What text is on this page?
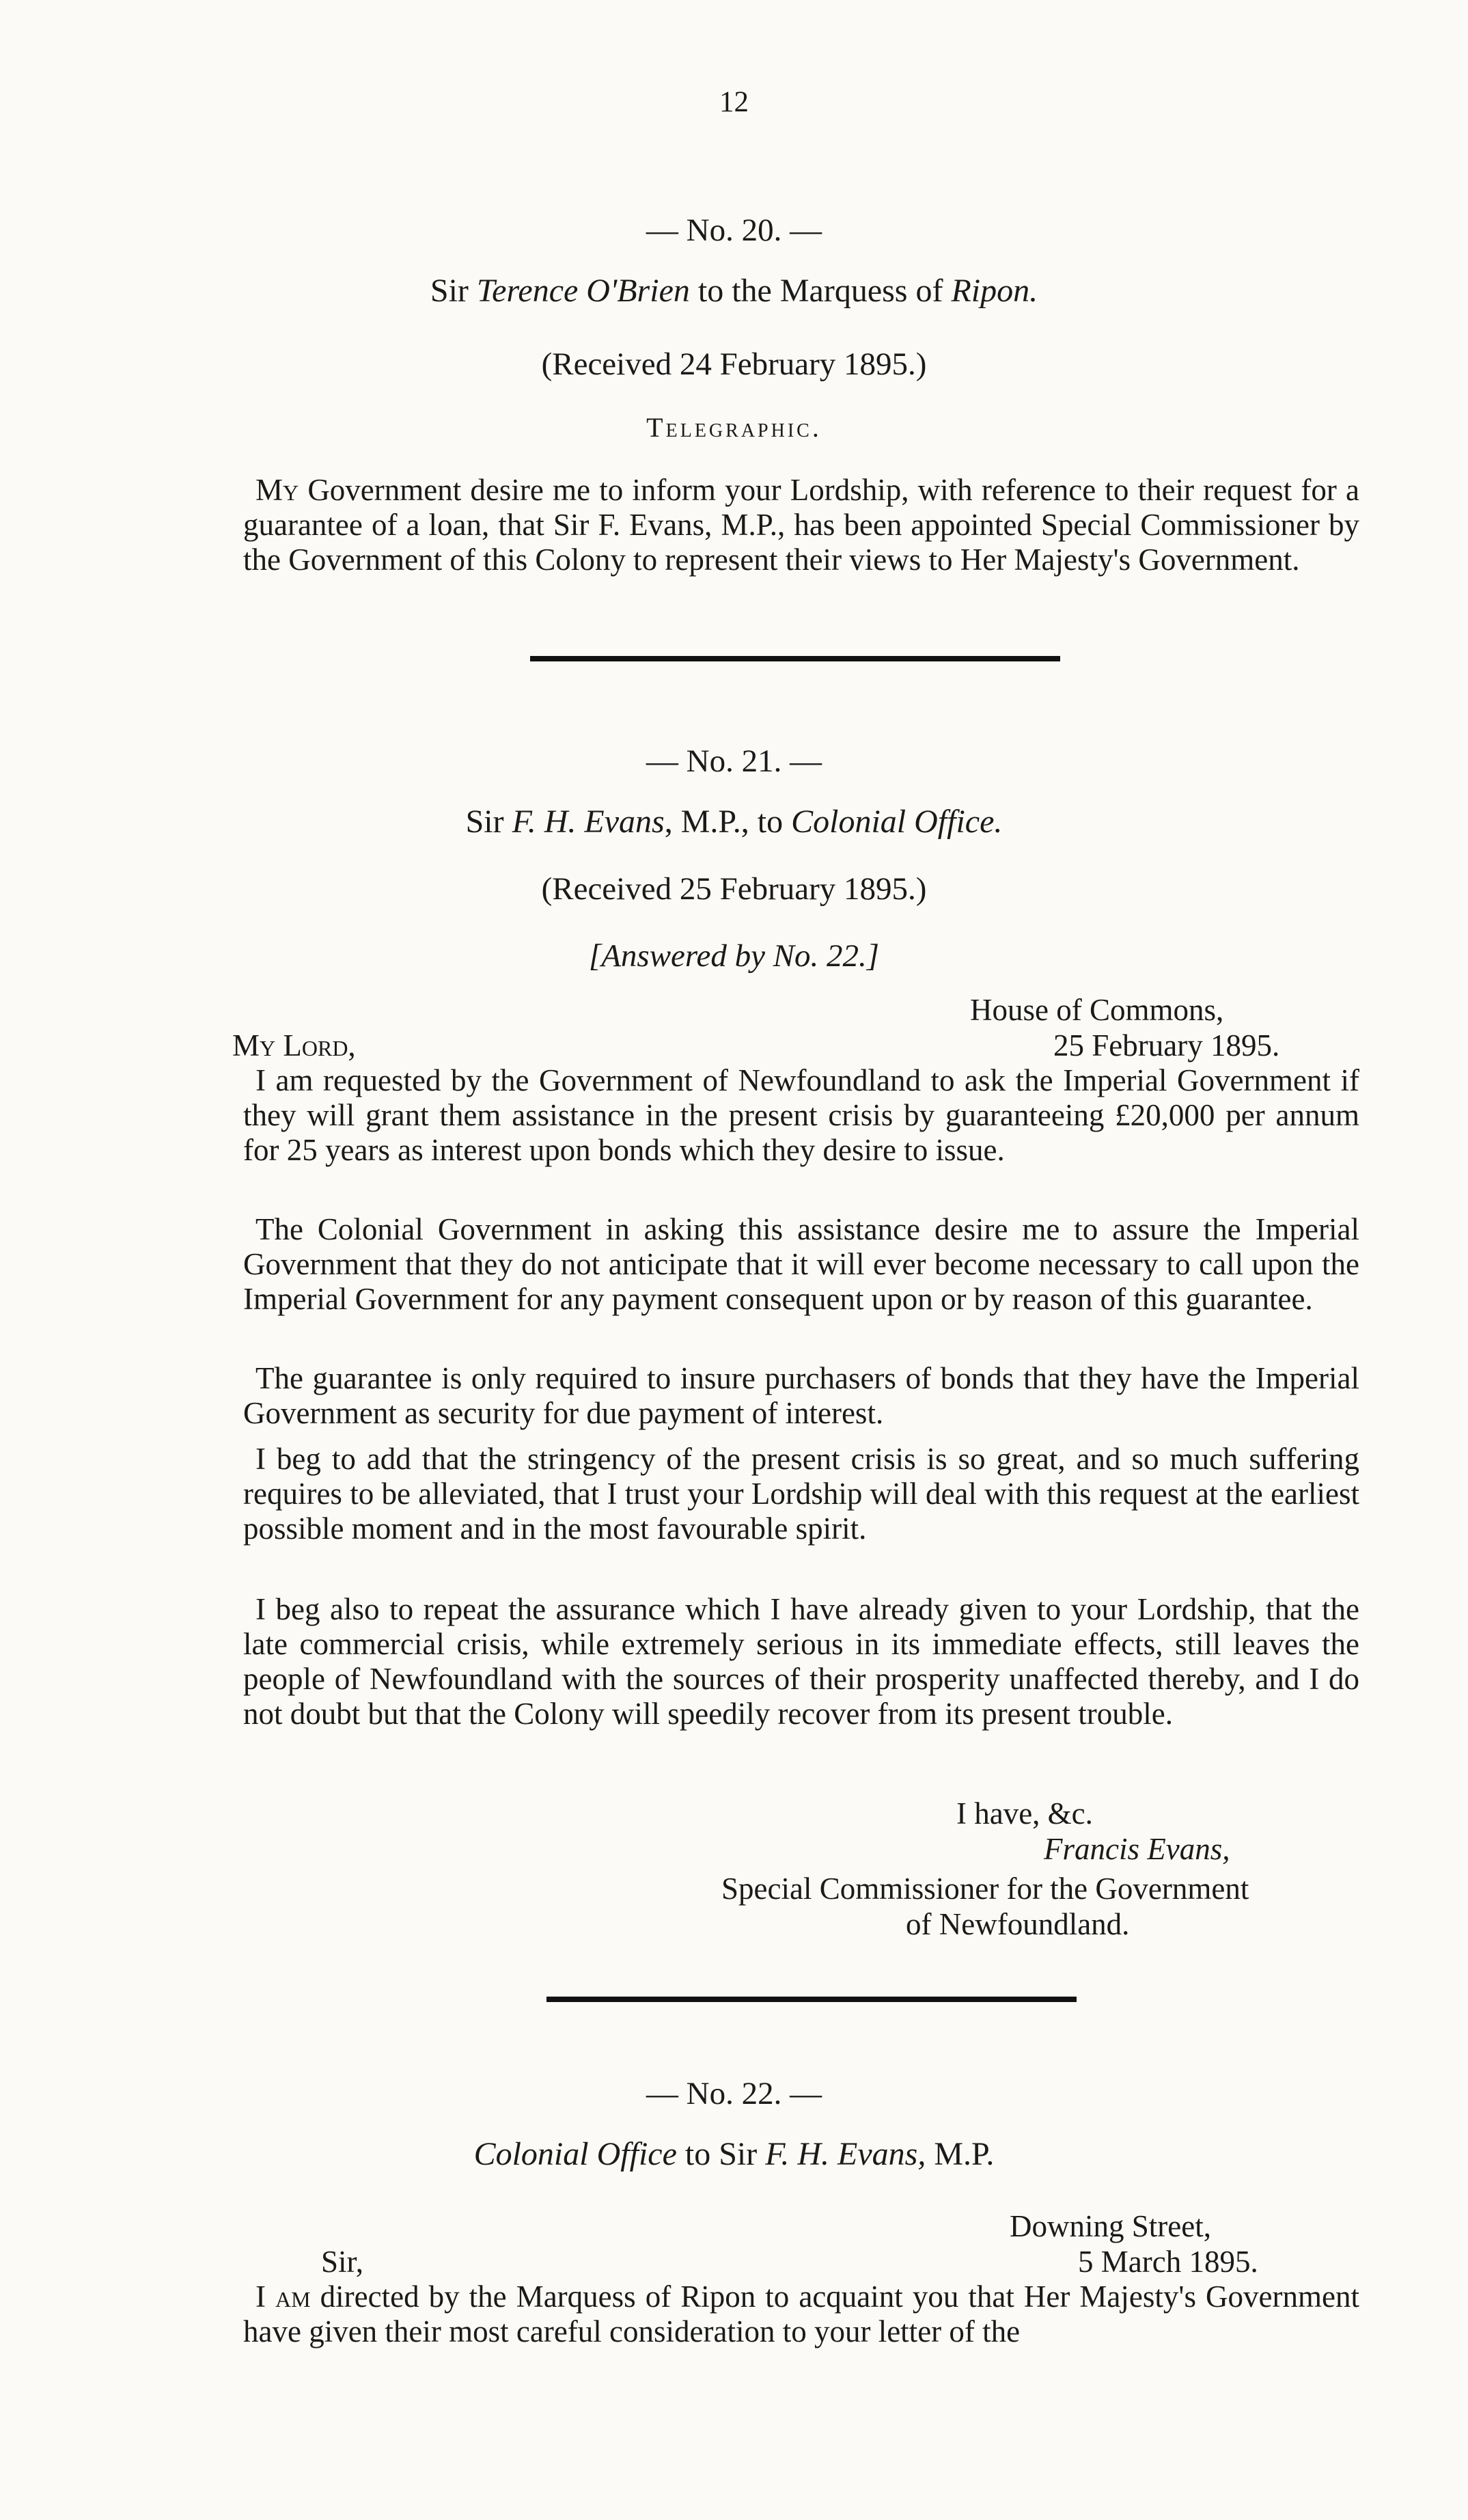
12
— No. 20. —
Sir Terence O'Brien to the Marquess of Ripon.
(Received 24 February 1895.)
Telegraphic.
My Government desire me to inform your Lordship, with reference to their request for a guarantee of a loan, that Sir F. Evans, M.P., has been appointed Special Commissioner by the Government of this Colony to represent their views to Her Majesty's Government.
— No. 21. —
Sir F. H. Evans, M.P., to Colonial Office.
(Received 25 February 1895.)
[Answered by No. 22.]
House of Commons,
25 February 1895.
My Lord,
I am requested by the Government of Newfoundland to ask the Imperial Government if they will grant them assistance in the present crisis by guaranteeing £20,000 per annum for 25 years as interest upon bonds which they desire to issue.
The Colonial Government in asking this assistance desire me to assure the Imperial Government that they do not anticipate that it will ever become necessary to call upon the Imperial Government for any payment consequent upon or by reason of this guarantee.
The guarantee is only required to insure purchasers of bonds that they have the Imperial Government as security for due payment of interest.
I beg to add that the stringency of the present crisis is so great, and so much suffering requires to be alleviated, that I trust your Lordship will deal with this request at the earliest possible moment and in the most favourable spirit.
I beg also to repeat the assurance which I have already given to your Lordship, that the late commercial crisis, while extremely serious in its immediate effects, still leaves the people of Newfoundland with the sources of their prosperity unaffected thereby, and I do not doubt but that the Colony will speedily recover from its present trouble.
I have, &c.
Francis Evans,
Special Commissioner for the Government
of Newfoundland.
— No. 22. —
Colonial Office to Sir F. H. Evans, M.P.
Downing Street,
5 March 1895.
Sir,
I am directed by the Marquess of Ripon to acquaint you that Her Majesty's Government have given their most careful consideration to your letter of the
